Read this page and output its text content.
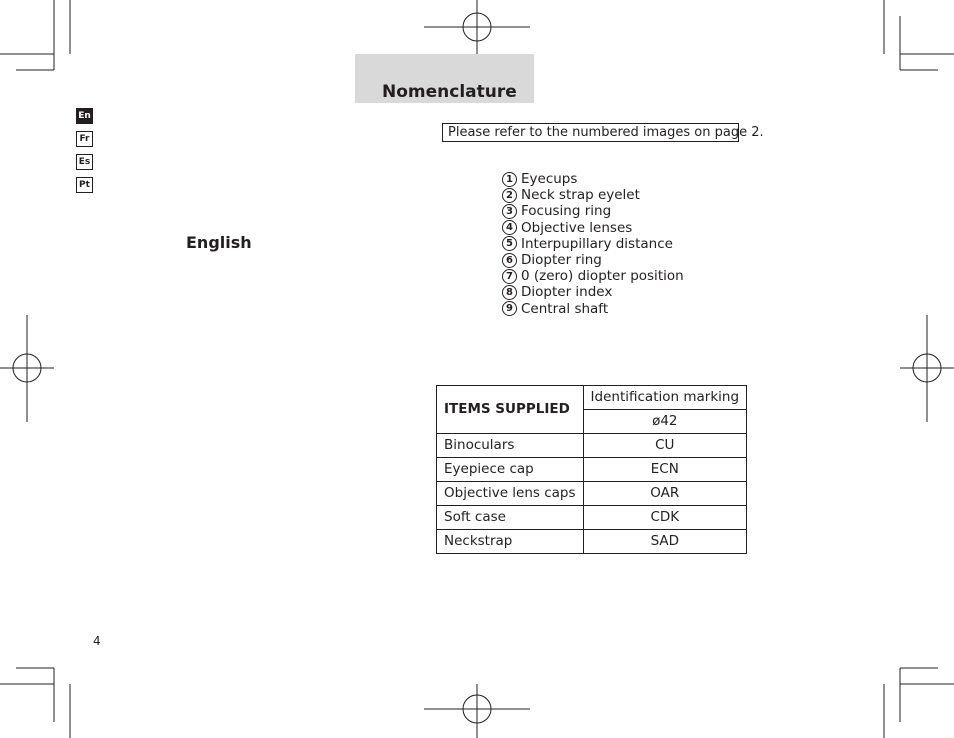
En
Fr
Es
Pt
Nomenclature
English
Please refer to the numbered images on page 2.
1 Eyecups
2 Neck strap eyelet
3 Focusing ring
4 Objective lenses
5 Interpupillary distance
6 Diopter ring
7 0 (zero) diopter position
8 Diopter index
9 Central shaft
ITEMS SUPPLIED	Identification marking
	ø42
Binoculars	CU
Eyepiece cap	ECN
Objective lens caps	OAR
Soft case	CDK
Neckstrap	SAD
4
